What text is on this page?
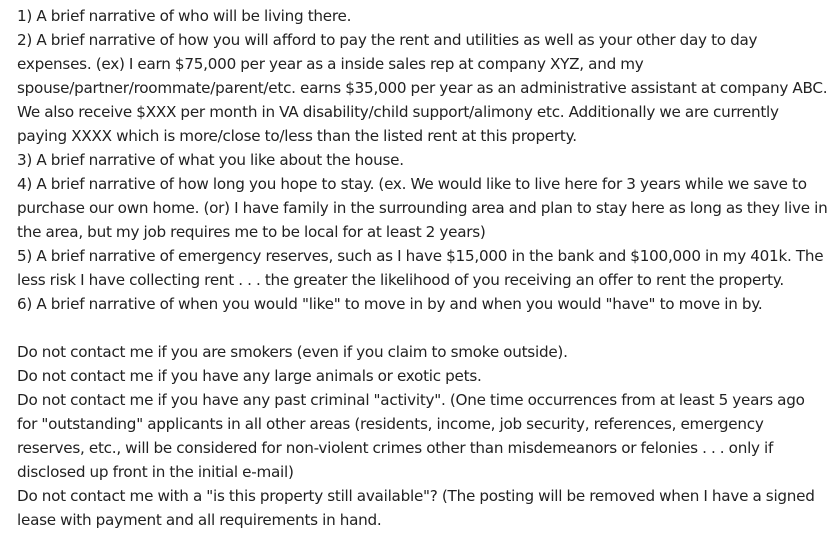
1) A brief narrative of who will be living there.

2) A brief narrative of how you will afford to pay the rent and utilities as well as your other day to day expenses. (ex) I earn $75,000 per year as a inside sales rep at company XYZ, and my spouse/partner/roommate/parent/etc. earns $35,000 per year as an administrative assistant at company ABC. We also receive $XXX per month in VA disability/child support/alimony etc. Additionally we are currently paying XXXX which is more/close to/less than the listed rent at this property.

3) A brief narrative of what you like about the house.

4) A brief narrative of how long you hope to stay. (ex. We would like to live here for 3 years while we save to purchase our own home. (or) I have family in the surrounding area and plan to stay here as long as they live in the area, but my job requires me to be local for at least 2 years)

5) A brief narrative of emergency reserves, such as I have $15,000 in the bank and $100,000 in my 401k. The less risk I have collecting rent . . . the greater the likelihood of you receiving an offer to rent the property.

6) A brief narrative of when you would "like" to move in by and when you would "have" to move in by.

Do not contact me if you are smokers (even if you claim to smoke outside).

Do not contact me if you have any large animals or exotic pets.

Do not contact me if you have any past criminal "activity". (One time occurrences from at least 5 years ago for "outstanding" applicants in all other areas (residents, income, job security, references, emergency reserves, etc., will be considered for non-violent crimes other than misdemeanors or felonies . . . only if disclosed up front in the initial e-mail)

Do not contact me with a "is this property still available"? (The posting will be removed when I have a signed lease with payment and all requirements in hand.
